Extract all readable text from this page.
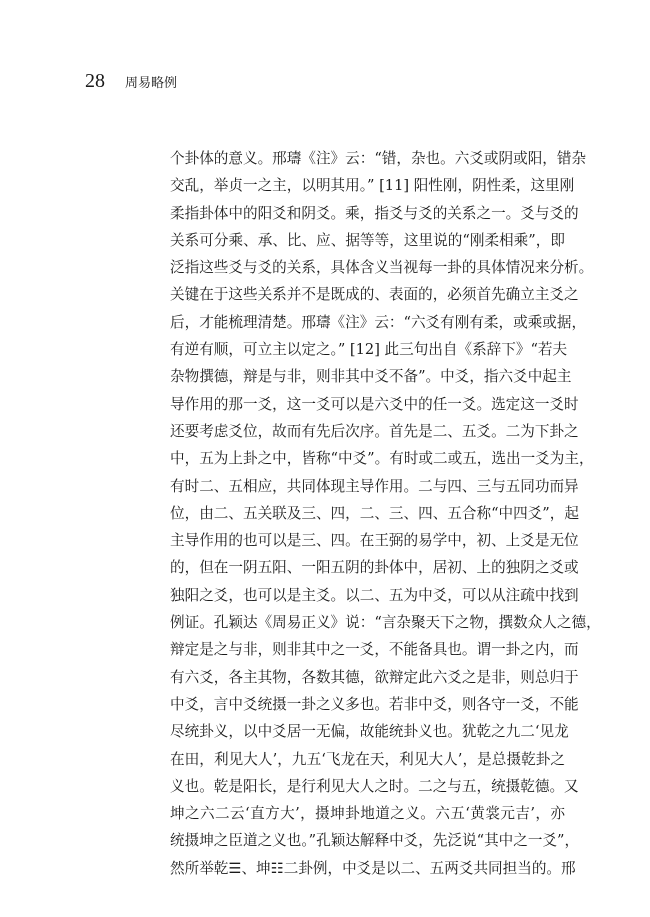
28 周易略例
个卦体的意义。邢璹《注》云：“错，杂也。六爻或阴或阳，错杂
交乱，举贞一之主，以明其用。” [11] 阳性刚，阴性柔，这里刚
柔指卦体中的阳爻和阴爻。乘，指爻与爻的关系之一。爻与爻的
关系可分乘、承、比、应、据等等，这里说的“刚柔相乘”，即
泛指这些爻与爻的关系，具体含义当视每一卦的具体情况来分析。
关键在于这些关系并不是既成的、表面的，必须首先确立主爻之
后，才能梳理清楚。邢璹《注》云：“六爻有刚有柔，或乘或据，
有逆有顺，可立主以定之。” [12] 此三句出自《系辞下》“若夫
杂物撰德，辩是与非，则非其中爻不备”。中爻，指六爻中起主
导作用的那一爻，这一爻可以是六爻中的任一爻。选定这一爻时
还要考虑爻位，故而有先后次序。首先是二、五爻。二为下卦之
中，五为上卦之中，皆称“中爻”。有时或二或五，选出一爻为主，
有时二、五相应，共同体现主导作用。二与四、三与五同功而异
位，由二、五关联及三、四，二、三、四、五合称“中四爻”，起
主导作用的也可以是三、四。在王弼的易学中，初、上爻是无位
的，但在一阴五阳、一阳五阴的卦体中，居初、上的独阴之爻或
独阳之爻，也可以是主爻。以二、五为中爻，可以从注疏中找到
例证。孔颖达《周易正义》说：“言杂聚天下之物，撰数众人之德，
辩定是之与非，则非其中之一爻，不能备具也。谓一卦之内，而
有六爻，各主其物，各数其德，欲辩定此六爻之是非，则总归于
中爻，言中爻统摄一卦之义多也。若非中爻，则各守一爻，不能
尽统卦义，以中爻居一无偏，故能统卦义也。犹乾之九二‘见龙
在田，利见大人’，九五‘飞龙在天，利见大人’，是总摄乾卦之
义也。乾是阳长，是行利见大人之时。二之与五，统摄乾德。又
坤之六二云‘直方大’，摄坤卦地道之义。六五‘黄裳元吉’，亦
统摄坤之臣道之义也。”孔颖达解释中爻，先泛说“其中之一爻”，
然所举乾☰、坤☷二卦例，中爻是以二、五两爻共同担当的。邢
